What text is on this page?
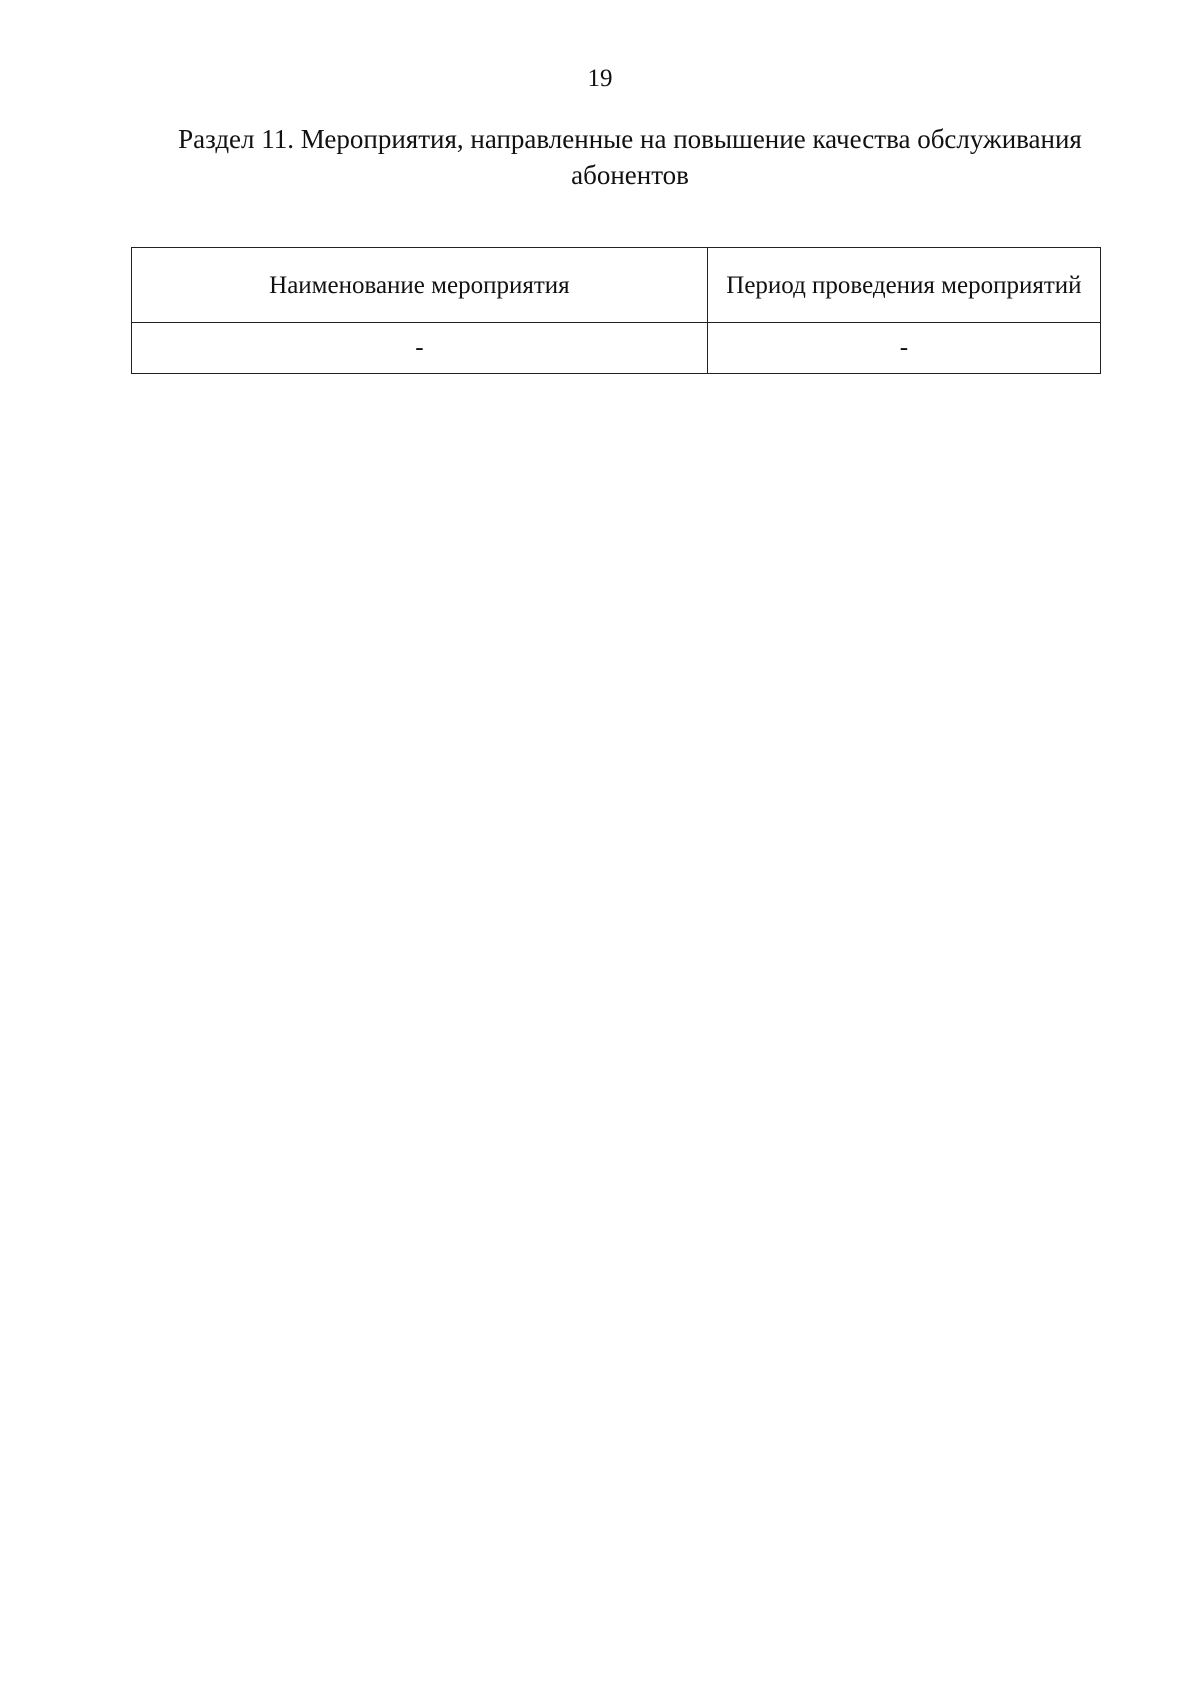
19
Раздел 11. Мероприятия, направленные на повышение качества обслуживания
абонентов
Наименование мероприятия	Период проведения мероприятий
-	-
